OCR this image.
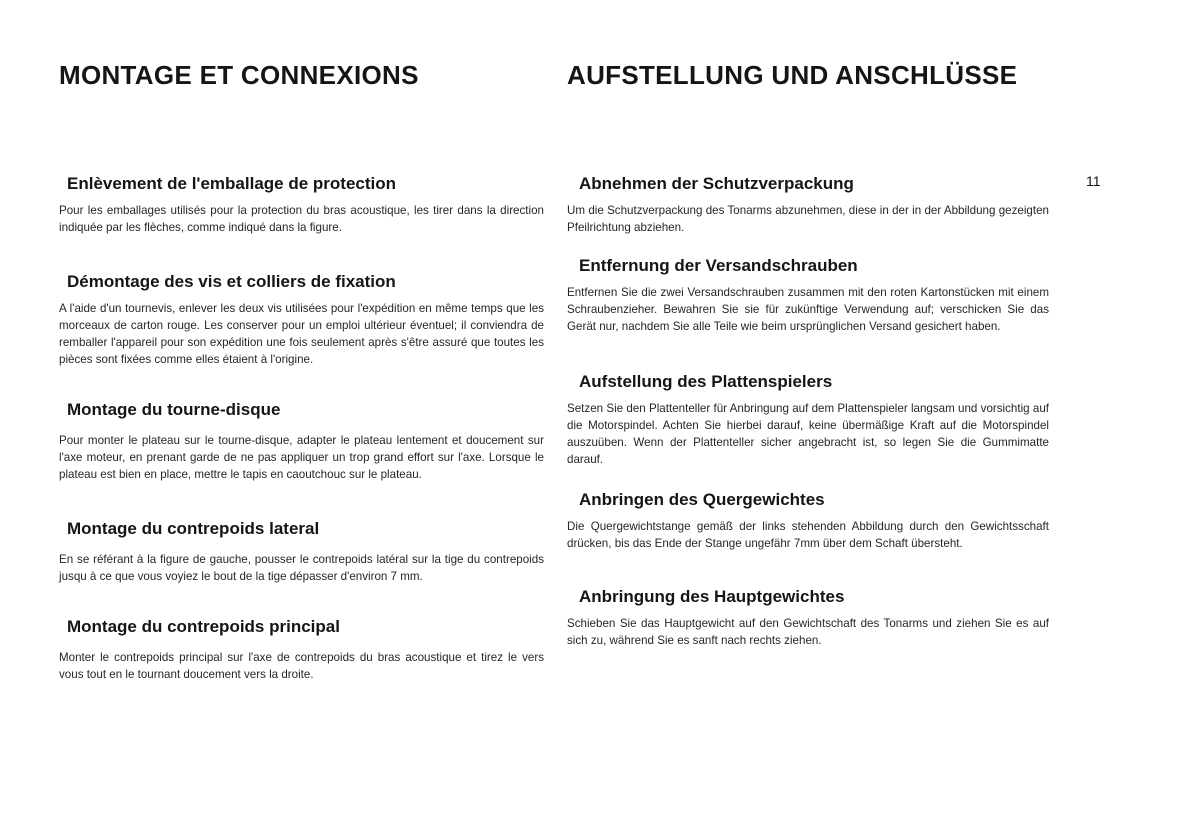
MONTAGE ET CONNEXIONS
Enlèvement de l'emballage de protection

Pour les emballages utilisés pour la protection du bras acoustique, les tirer dans la direction indiquée par les flèches, comme indiqué dans la figure.

Démontage des vis et colliers de fixation

A l'aide d'un tournevis, enlever les deux vis utilisées pour l'expédition en même temps que les morceaux de carton rouge. Les conserver pour un emploi ultérieur éventuel; il conviendra de remballer l'appareil pour son expédition une fois seulement après s'être assuré que toutes les pièces sont fixées comme elles étaient à l'origine.

Montage du tourne-disque

Pour monter le plateau sur le tourne-disque, adapter le plateau lentement et doucement sur l'axe moteur, en prenant garde de ne pas appliquer un trop grand effort sur l'axe. Lorsque le plateau est bien en place, mettre le tapis en caoutchouc sur le plateau.

Montage du contrepoids lateral

En se référant à la figure de gauche, pousser le contrepoids latéral sur la tige du contrepoids jusqu à ce que vous voyiez le bout de la tige dépasser d'environ 7 mm.

Montage du contrepoids principal

Monter le contrepoids principal sur l'axe de contrepoids du bras acoustique et tirez le vers vous tout en le tournant doucement vers la droite.

AUFSTELLUNG UND ANSCHLÜSSE
Abnehmen der Schutzverpackung

Um die Schutzverpackung des Tonarms abzunehmen, diese in der in der Abbildung gezeigten Pfeilrichtung abziehen.

Entfernung der Versandschrauben

Entfernen Sie die zwei Versandschrauben zusammen mit den roten Kartonstücken mit einem Schraubenzieher. Bewahren Sie sie für zukünftige Verwendung auf; verschicken Sie das Gerät nur, nachdem Sie alle Teile wie beim ursprünglichen Versand gesichert haben.

Aufstellung des Plattenspielers

Setzen Sie den Plattenteller für Anbringung auf dem Plattenspieler langsam und vorsichtig auf die Motorspindel. Achten Sie hierbei darauf, keine übermäßige Kraft auf die Motorspindel auszuüben. Wenn der Plattenteller sicher angebracht ist, so legen Sie die Gummimatte darauf.

Anbringen des Quergewichtes

Die Quergewichtstange gemäß der links stehenden Abbildung durch den Gewichtsschaft drücken, bis das Ende der Stange ungefähr 7mm über dem Schaft übersteht.

Anbringung des Hauptgewichtes

Schieben Sie das Hauptgewicht auf den Gewichtschaft des Tonarms und ziehen Sie es auf sich zu, während Sie es sanft nach rechts ziehen.

11
